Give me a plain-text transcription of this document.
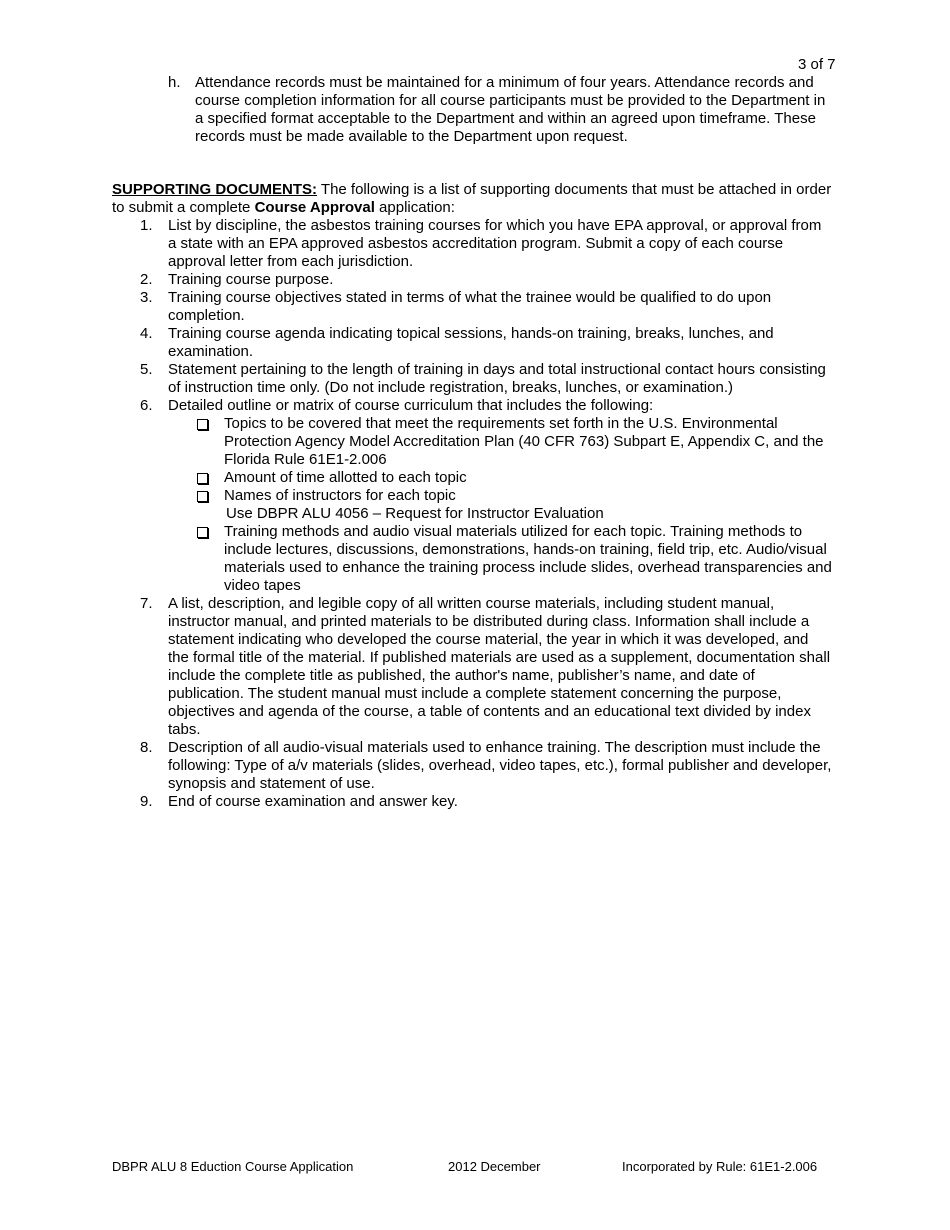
3 of 7
h. Attendance records must be maintained for a minimum of four years. Attendance records and course completion information for all course participants must be provided to the Department in a specified format acceptable to the Department and within an agreed upon timeframe. These records must be made available to the Department upon request.
SUPPORTING DOCUMENTS: The following is a list of supporting documents that must be attached in order to submit a complete Course Approval application:
1. List by discipline, the asbestos training courses for which you have EPA approval, or approval from a state with an EPA approved asbestos accreditation program. Submit a copy of each course approval letter from each jurisdiction.
2. Training course purpose.
3. Training course objectives stated in terms of what the trainee would be qualified to do upon completion.
4. Training course agenda indicating topical sessions, hands-on training, breaks, lunches, and examination.
5. Statement pertaining to the length of training in days and total instructional contact hours consisting of instruction time only. (Do not include registration, breaks, lunches, or examination.)
6. Detailed outline or matrix of course curriculum that includes the following:
Topics to be covered that meet the requirements set forth in the U.S. Environmental Protection Agency Model Accreditation Plan (40 CFR 763) Subpart E, Appendix C, and the Florida Rule 61E1-2.006
Amount of time allotted to each topic
Names of instructors for each topic
Use DBPR ALU 4056 – Request for Instructor Evaluation
Training methods and audio visual materials utilized for each topic. Training methods to include lectures, discussions, demonstrations, hands-on training, field trip, etc. Audio/visual materials used to enhance the training process include slides, overhead transparencies and video tapes
7. A list, description, and legible copy of all written course materials, including student manual, instructor manual, and printed materials to be distributed during class. Information shall include a statement indicating who developed the course material, the year in which it was developed, and the formal title of the material. If published materials are used as a supplement, documentation shall include the complete title as published, the author's name, publisher’s name, and date of publication. The student manual must include a complete statement concerning the purpose, objectives and agenda of the course, a table of contents and an educational text divided by index tabs.
8. Description of all audio-visual materials used to enhance training. The description must include the following: Type of a/v materials (slides, overhead, video tapes, etc.), formal publisher and developer, synopsis and statement of use.
9. End of course examination and answer key.
DBPR ALU 8 Eduction Course Application	2012 December	Incorporated by Rule: 61E1-2.006
